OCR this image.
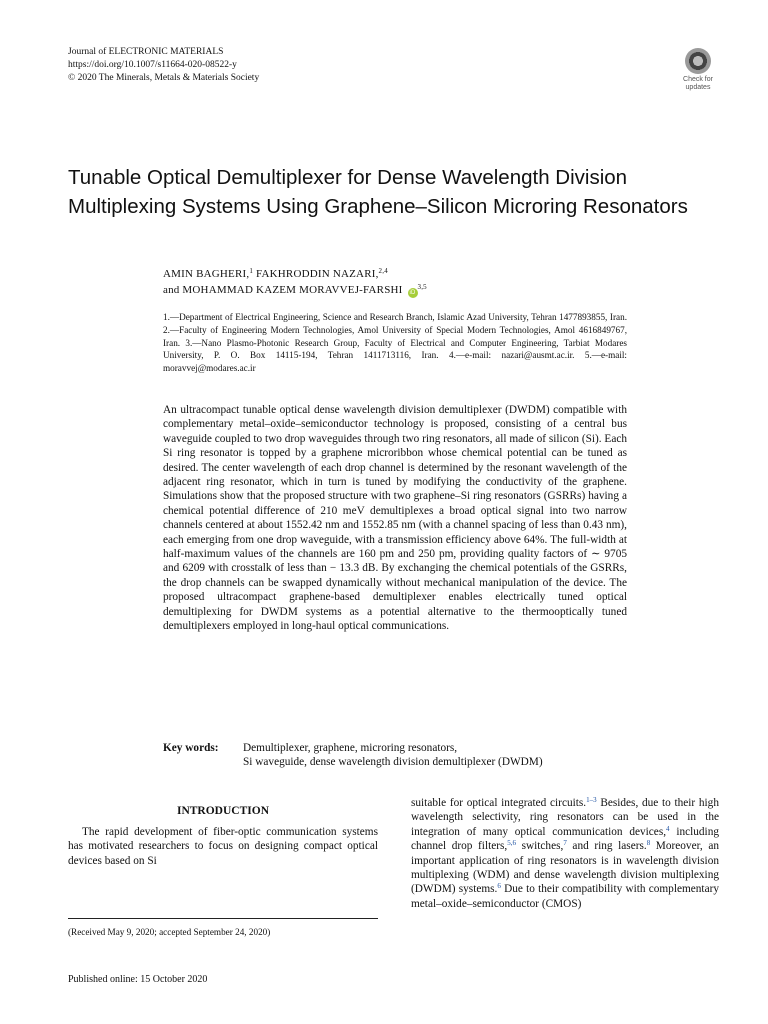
Journal of ELECTRONIC MATERIALS
https://doi.org/10.1007/s11664-020-08522-y
© 2020 The Minerals, Metals & Materials Society	Check for
updates
Tunable Optical Demultiplexer for Dense Wavelength Division Multiplexing Systems Using Graphene–Silicon Microring Resonators
AMIN BAGHERI,$^1$ FAKHRODDIN NAZARI,$^{2,4}$
and MOHAMMAD KAZEM MORAVVEJ-FARSHI iD$^{3,5}$
1.—Department of Electrical Engineering, Science and Research Branch, Islamic Azad University, Tehran 1477893855, Iran. 2.—Faculty of Engineering Modern Technologies, Amol University of Special Modern Technologies, Amol 4616849767, Iran. 3.—Nano Plasmo-Photonic Research Group, Faculty of Electrical and Computer Engineering, Tarbiat Modares University, P. O. Box 14115-194, Tehran 1411713116, Iran. 4.—e-mail: nazari@ausmt.ac.ir. 5.—e-mail: moravvej@modares.ac.ir
An ultracompact tunable optical dense wavelength division demultiplexer (DWDM) compatible with complementary metal–oxide–semiconductor technology is proposed, consisting of a central bus waveguide coupled to two drop waveguides through two ring resonators, all made of silicon (Si). Each Si ring resonator is topped by a graphene microribbon whose chemical potential can be tuned as desired. The center wavelength of each drop channel is determined by the resonant wavelength of the adjacent ring resonator, which in turn is tuned by modifying the conductivity of the graphene. Simulations show that the proposed structure with two graphene–Si ring resonators (GSRRs) having a chemical potential difference of 210 meV demultiplexes a broad optical signal into two narrow channels centered at about 1552.42 nm and 1552.85 nm (with a channel spacing of less than 0.43 nm), each emerging from one drop waveguide, with a transmission efficiency above 64%. The full-width at half-maximum values of the channels are 160 pm and 250 pm, providing quality factors of ∼ 9705 and 6209 with crosstalk of less than − 13.3 dB. By exchanging the chemical potentials of the GSRRs, the drop channels can be swapped dynamically without mechanical manipulation of the device. The proposed ultracompact graphene-based demultiplexer enables electrically tuned optical demultiplexing for DWDM systems as a potential alternative to the thermooptically tuned demultiplexers employed in long-haul optical communications.
Key words: Demultiplexer, graphene, microring resonators,
Si waveguide, dense wavelength division demultiplexer (DWDM)
INTRODUCTION
The rapid development of fiber-optic communication systems has motivated researchers to focus on designing compact optical devices based on Si
suitable for optical integrated circuits.$^{1-3}$ Besides, due to their high wavelength selectivity, ring resonators can be used in the integration of many optical communication devices,$^4$ including channel drop filters,$^{5,6}$ switches,$^7$ and ring lasers.$^8$ Moreover, an important application of ring resonators is in wavelength division multiplexing (WDM) and dense wavelength division multiplexing (DWDM) systems.$^6$ Due to their compatibility with complementary metal–oxide–semiconductor (CMOS)
(Received May 9, 2020; accepted September 24, 2020)
Published online: 15 October 2020
